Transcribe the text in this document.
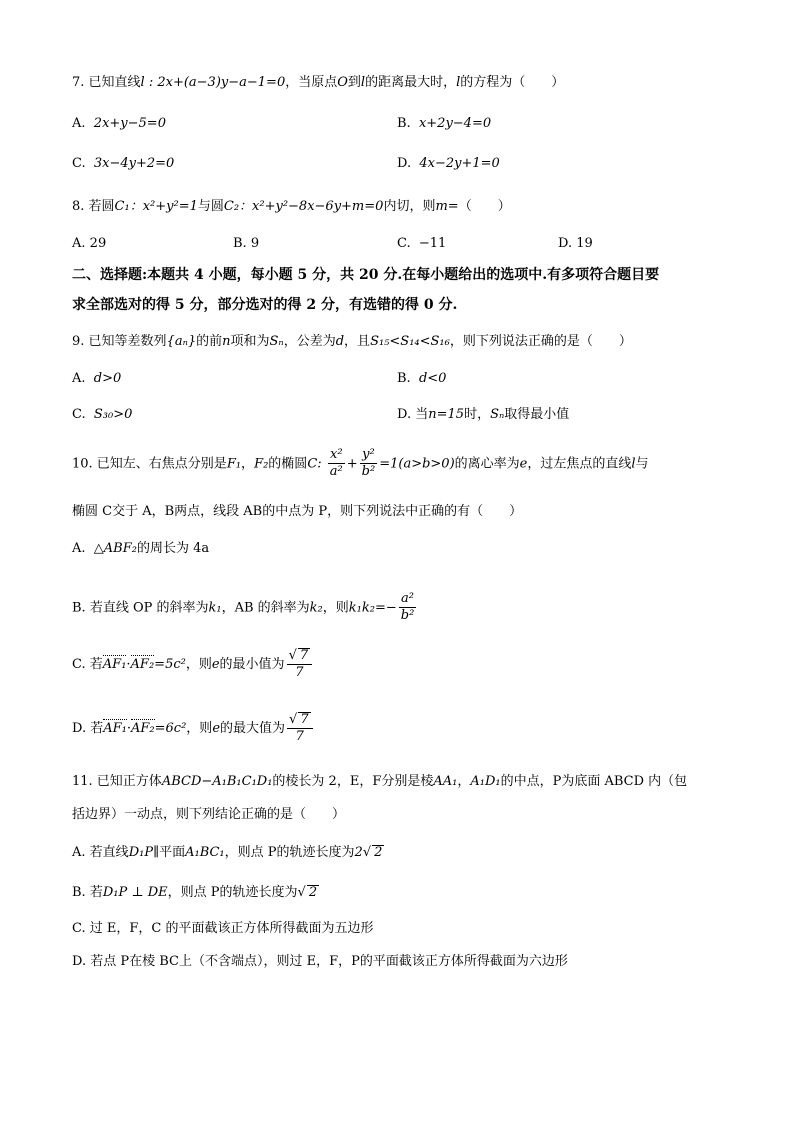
7. 已知直线l : 2x+(a−3)y−a−1=0，当原点O到l的距离最大时，l的方程为（　　）
A. 2x+y−5=0	B. x+2y−4=0
C. 3x−4y+2=0	D. 4x−2y+1=0
8. 若圆C₁：x²+y²=1与圆C₂：x²+y²−8x−6y+m=0内切，则m=（　　）
A. 29	B. 9	C. −11	D. 19
二、选择题:本题共 4 小题，每小题 5 分，共 20 分.在每小题给出的选项中.有多项符合题目要
求全部选对的得 5 分，部分选对的得 2 分，有选错的得 0 分.
9. 已知等差数列{aₙ}的前n项和为Sₙ，公差为d，且S₁₅<S₁₄<S₁₆，则下列说法正确的是（　　）
A. d>0	B. d<0
C. S₃₀>0	D. 当n=15时，Sₙ取得最小值
10. 已知左、右焦点分别是F₁，F₂的椭圆C: $\frac{\text{x²}}{\text{a²}} + \frac{\text{y²}}{\text{b²}} =1(a>b>0)$的离心率为e，过左焦点的直线l与
椭圆 C交于 A，B两点，线段 AB的中点为 P，则下列说法中正确的有（　　）
A. △ABF₂的周长为 4a
B. 若直线 OP 的斜率为k₁，AB 的斜率为k₂，则$k_1k_2=- \frac{\text{a²}}{\text{b²}}$
C. 若AF₁·AF₂=5c²，则e的最小值为 $\frac{√ 7}{7}$
D. 若AF₁·AF₂=6c²，则e的最大值为 $\frac{√ 7}{7}$
11. 已知正方体ABCD−A₁B₁C₁D₁的棱长为 2，E，F分别是棱AA₁，A₁D₁的中点，P为底面 ABCD 内（包
括边界）一动点，则下列结论正确的是（　　）
A. 若直线D₁P∥平面A₁BC₁，则点 P的轨迹长度为2√ 2
B. 若D₁P ⊥ DE，则点 P的轨迹长度为√ 2
C. 过 E，F，C 的平面截该正方体所得截面为五边形
D. 若点 P在棱 BC上（不含端点），则过 E，F，P的平面截该正方体所得截面为六边形
